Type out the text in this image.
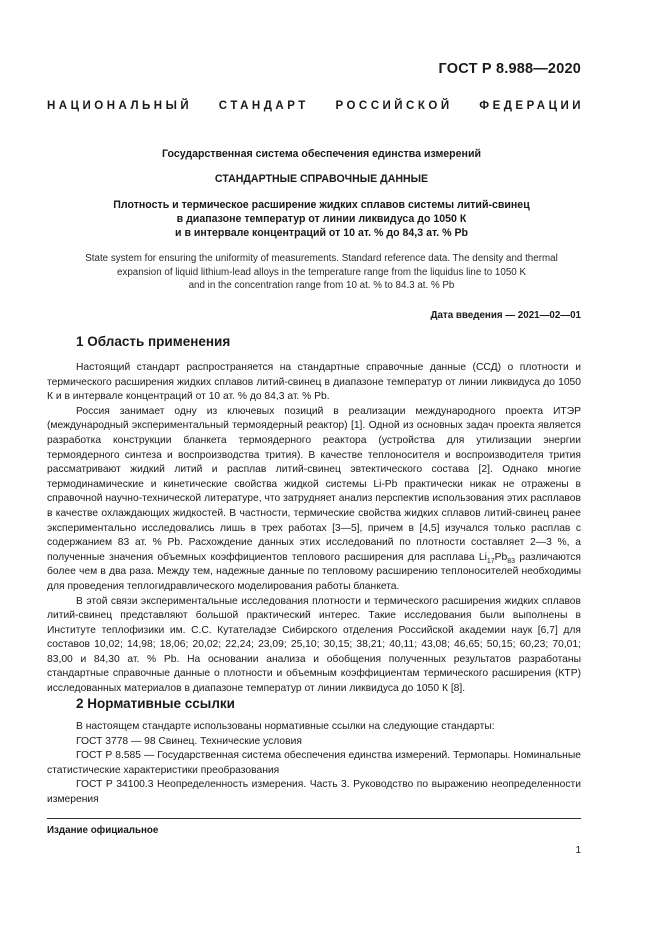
ГОСТ Р 8.988—2020
НАЦИОНАЛЬНЫЙ СТАНДАРТ РОССИЙСКОЙ ФЕДЕРАЦИИ
Государственная система обеспечения единства измерений
СТАНДАРТНЫЕ СПРАВОЧНЫЕ ДАННЫЕ
Плотность и термическое расширение жидких сплавов системы литий-свинец
в диапазоне температур от линии ликвидуса до 1050 К
и в интервале концентраций от 10 ат. % до 84,3 ат. % Pb
State system for ensuring the uniformity of measurements. Standard reference data. The density and thermal
expansion of liquid lithium-lead alloys in the temperature range from the liquidus line to 1050 K
and in the concentration range from 10 at. % to 84.3 at. % Pb
Дата введения — 2021—02—01
1 Область применения

Настоящий стандарт распространяется на стандартные справочные данные (ССД) о плотности и термического расширения жидких сплавов литий-свинец в диапазоне температур от линии ликвидуса до 1050 К и в интервале концентраций от 10 ат. % до 84,3 ат. % Pb.

Россия занимает одну из ключевых позиций в реализации международного проекта ИТЭР (международный экспериментальный термоядерный реактор) [1]. Одной из основных задач проекта является разработка конструкции бланкета термоядерного реактора (устройства для утилизации энергии термоядерного синтеза и воспроизводства трития). В качестве теплоносителя и воспроизводителя трития рассматривают жидкий литий и расплав литий-свинец эвтектического состава [2]. Однако многие термодинамические и кинетические свойства жидкой системы Li-Pb практически никак не отражены в справочной научно-технической литературе, что затрудняет анализ перспектив использования этих расплавов в качестве охлаждающих жидкостей. В частности, термические свойства жидких сплавов литий-свинец ранее экспериментально исследовались лишь в трех работах [3—5], причем в [4,5] изучался только расплав с содержанием 83 ат. % Pb. Расхождение данных этих исследований по плотности составляет 2—3 %, а полученные значения объемных коэффициентов теплового расширения для расплава $Li_{17}Pb_{83}$ различаются более чем в два раза. Между тем, надежные данные по тепловому расширению теплоносителей необходимы для проведения теплогидравлического моделирования работы бланкета.

В этой связи экспериментальные исследования плотности и термического расширения жидких сплавов литий-свинец представляют большой практический интерес. Такие исследования были выполнены в Институте теплофизики им. С.С. Кутателадзе Сибирского отделения Российской академии наук [6,7] для составов 10,02; 14,98; 18,06; 20,02; 22,24; 23,09; 25,10; 30,15; 38,21; 40,11; 43,08; 46,65; 50,15; 60,23; 70,01; 83,00 и 84,30 ат. % Pb. На основании анализа и обобщения полученных результатов разработаны стандартные справочные данные о плотности и объемным коэффициентам термического расширения (КТР) исследованных материалов в диапазоне температур от линии ликвидуса до 1050 К [8].

2 Нормативные ссылки

В настоящем стандарте использованы нормативные ссылки на следующие стандарты:

ГОСТ 3778 — 98 Свинец. Технические условия

ГОСТ Р 8.585 — Государственная система обеспечения единства измерений. Термопары. Номинальные статистические характеристики преобразования

ГОСТ Р 34100.3 Неопределенность измерения. Часть 3. Руководство по выражению неопределенности измерения

Издание официальное
1
